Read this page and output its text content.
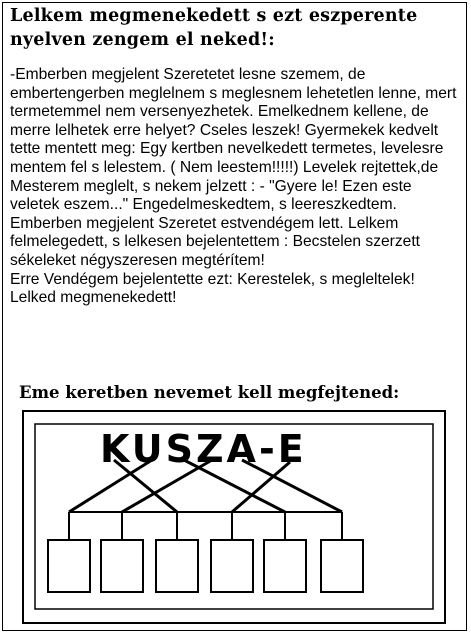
Lelkem megmenekedett s ezt eszperente nyelven zengem el neked!:

-Emberben megjelent Szeretetet lesne szemem, de embertengerben meglelnem s meglesnem lehetetlen lenne, mert termetemmel nem versenyezhetek. Emelkednem kellene, de merre lelhetek erre helyet? Cseles leszek! Gyermekek kedvelt tette mentett meg: Egy kertben nevelkedett termetes, levelesre mentem fel s lelestem. ( Nem leestem!!!!!) Levelek rejtettek,de Mesterem meglelt, s nekem jelzett : - "Gyere le! Ezen este veletek eszem..." Engedelmeskedtem, s leereszkedtem. Emberben megjelent Szeretet estvendégem lett. Lelkem felmelegedett, s lelkesen bejelentettem : Becstelen szerzett sékeleket négyszeresen megtérítem!
Erre Vendégem bejelentette ezt: Kerestelek, s megleltelek! Lelked megmenekedett!

Eme keretben nevemet kell megfejtened:
KUSZA-E
